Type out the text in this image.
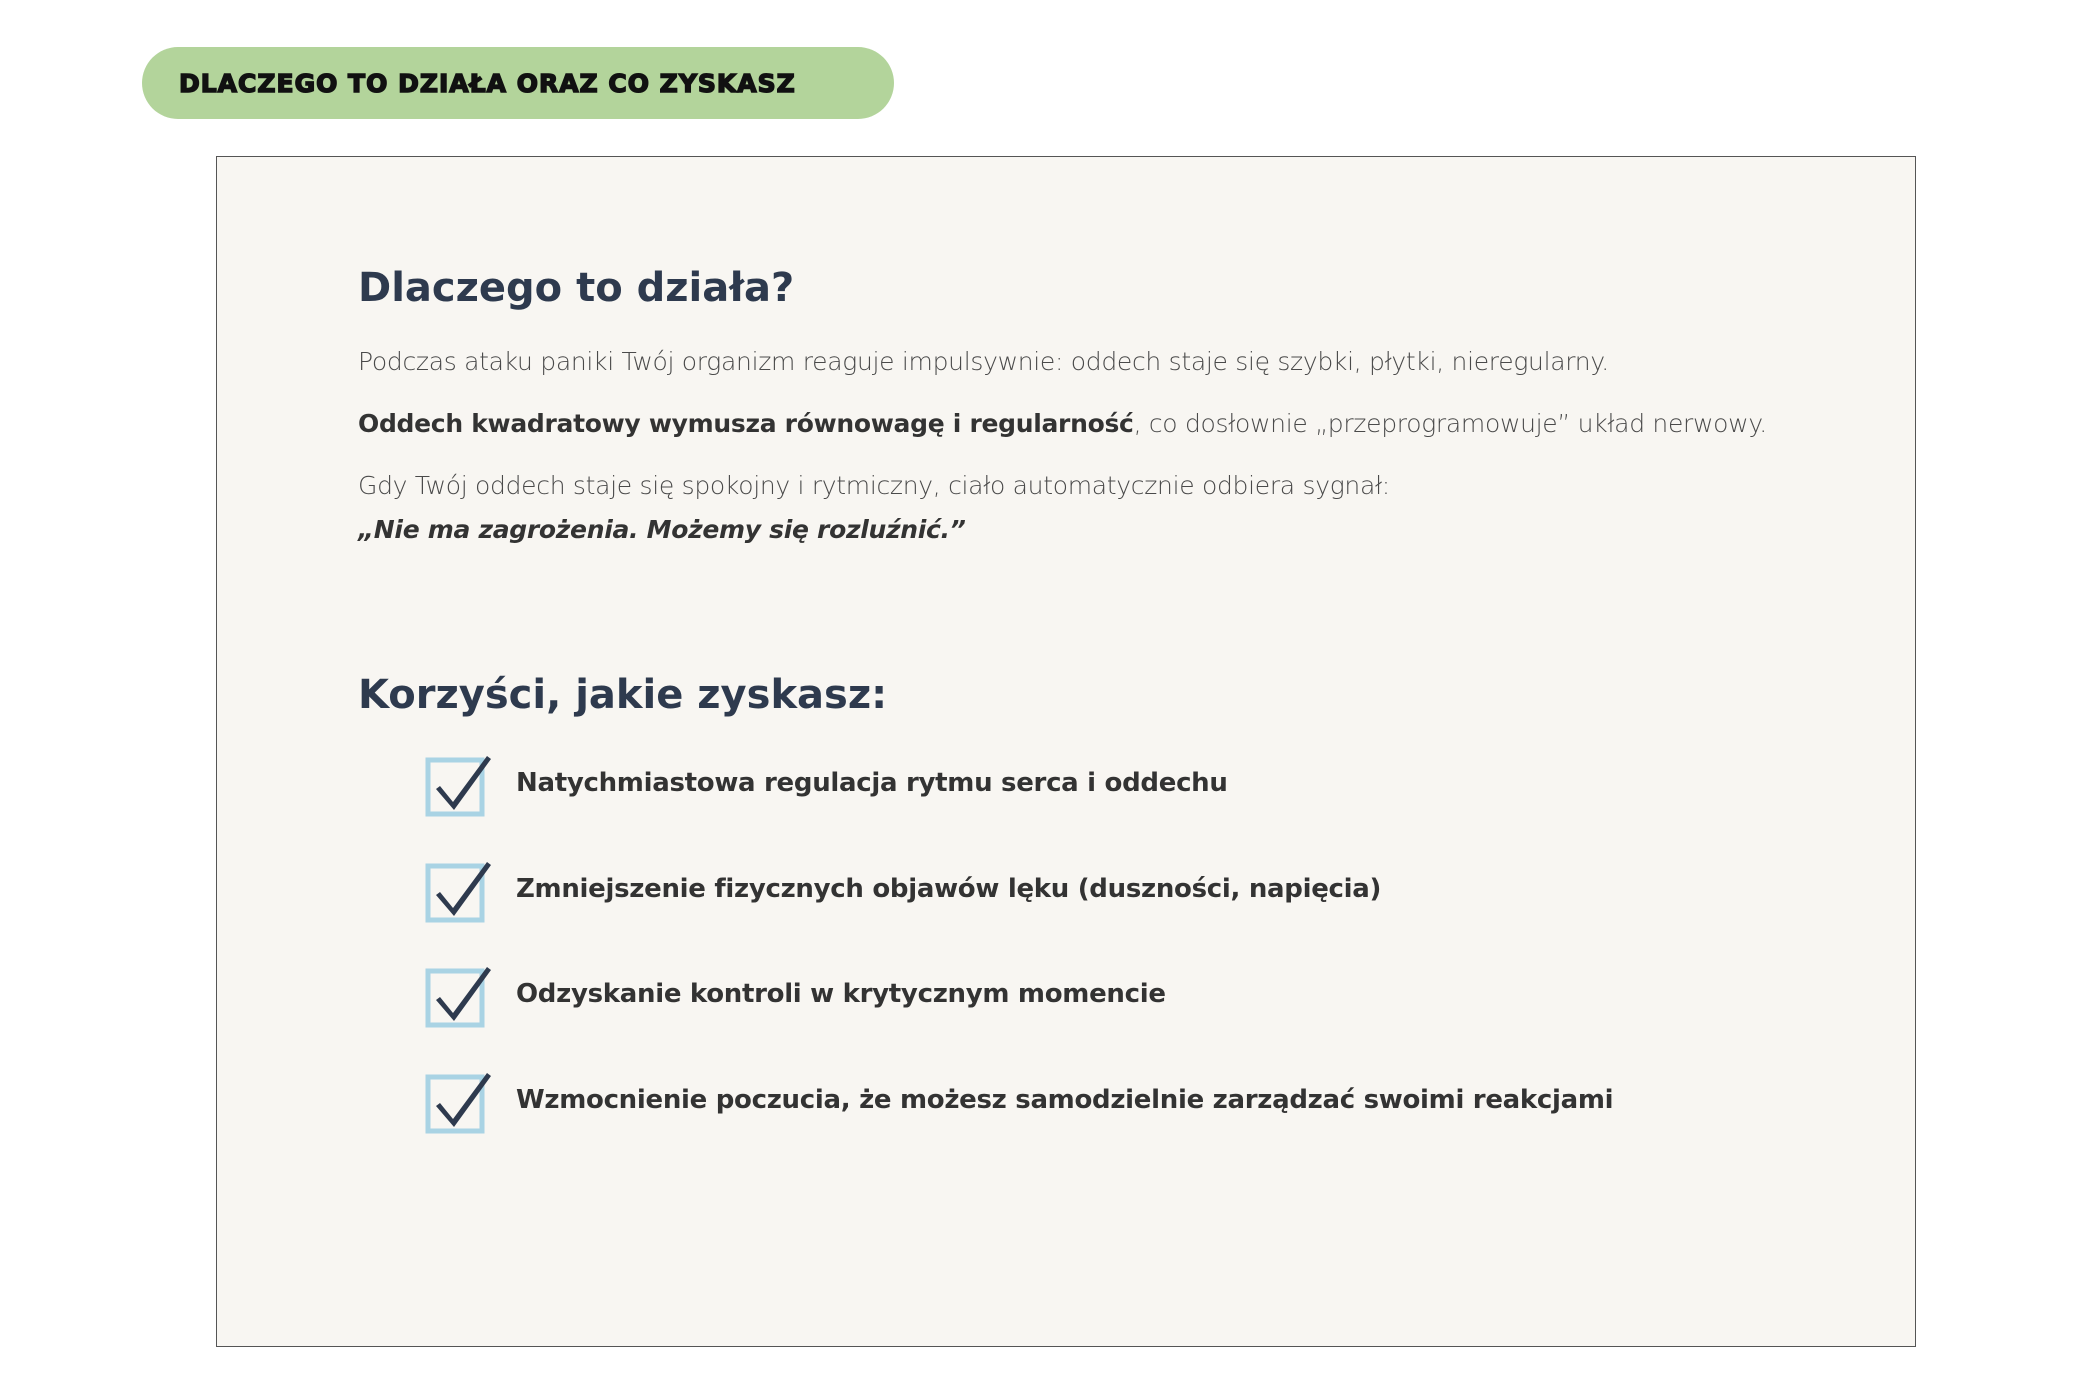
DLACZEGO TO DZIAŁA ORAZ CO ZYSKASZ
Dlaczego to działa?

Podczas ataku paniki Twój organizm reaguje impulsywnie: oddech staje się szybki, płytki, nieregularny.

Oddech kwadratowy wymusza równowagę i regularność, co dosłownie „przeprogramowuje” układ nerwowy.

Gdy Twój oddech staje się spokojny i rytmiczny, ciało automatycznie odbiera sygnał:

„Nie ma zagrożenia. Możemy się rozluźnić.”

Korzyści, jakie zyskasz:
Natychmiastowa regulacja rytmu serca i oddechu
Zmniejszenie fizycznych objawów lęku (duszności, napięcia)
Odzyskanie kontroli w krytycznym momencie
Wzmocnienie poczucia, że możesz samodzielnie zarządzać swoimi reakcjami
